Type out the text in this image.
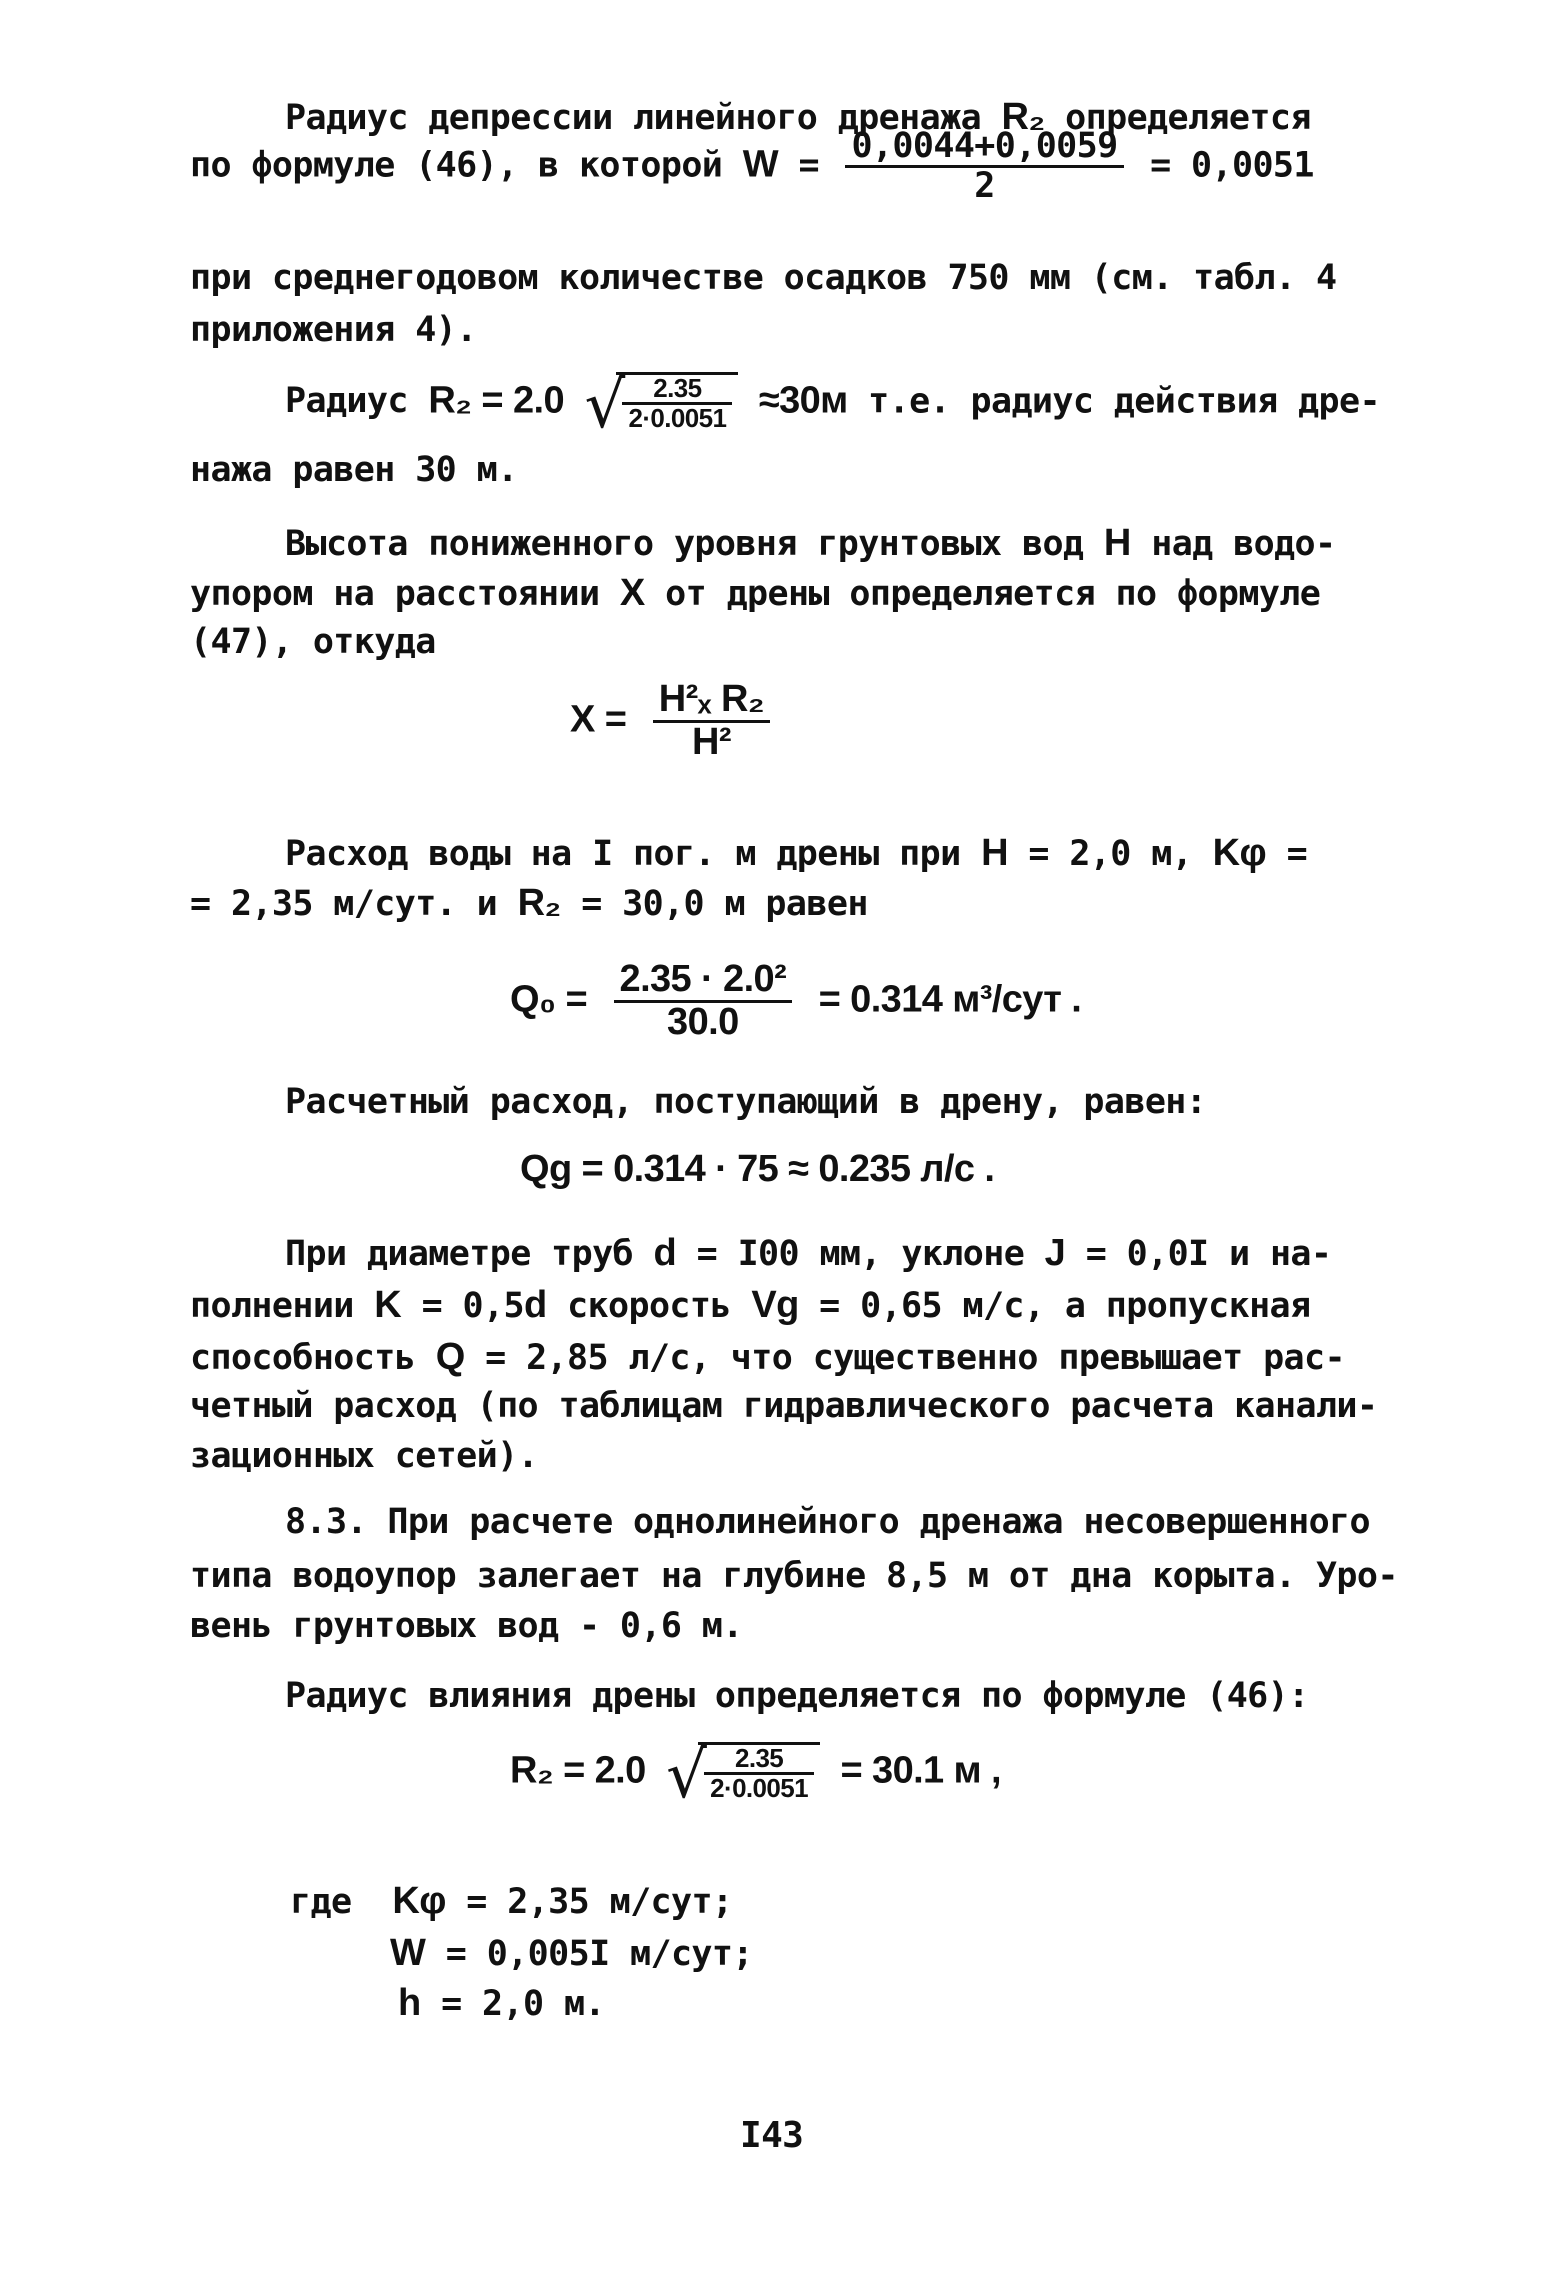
Радиус депрессии линейного дренажа R₂ определяется
по формуле (46), в которой $W = \frac{0,0044+0,0059}{2} = 0,0051$
при среднегодовом количестве осадков 750 мм (см. табл. 4
приложения 4).
Радиус R₂ = 2.0 √
$\frac{2.35}{2\cdot 0.0051} \approx 30м$ т.е. радиус действия дре-
нажа равен 30 м.
Высота пониженного уровня грунтовых вод H над водо-
упором на расстоянии X от дрены определяется по формуле
(47), откуда
$X = \frac{\text{H²ₓ R₂}}{\text{H²}}$
Расход воды на I пог. м дрены при H = 2,0 м, Kφ =
= 2,35 м/сут. и R₂ = 30,0 м равен
$Q_0 = \frac{\text{2.35 · 2.0²}}{30.0} = 0.314$ м³/сут .
Расчетный расход, поступающий в дрену, равен:
Qg = 0.314 · 75 ≈ 0.235 л/с .
При диаметре труб d = I00 мм, уклоне J = 0,0I и на-
полнении K = 0,5d скорость Vg = 0,65 м/с, а пропускная
способность Q = 2,85 л/с, что существенно превышает рас-
четный расход (по таблицам гидравлического расчета канали-
зационных сетей).
8.3. При расчете однолинейного дренажа несовершенного
типа водоупор залегает на глубине 8,5 м от дна корыта. Уро-
вень грунтовых вод - 0,6 м.
Радиус влияния дрены определяется по формуле (46):
R₂ = 2.0 √
$\frac{2.35}{2\cdot 0.0051} = 30.1$ м ,
где Kφ = 2,35 м/сут;
W = 0,005I м/сут;
h = 2,0 м.
I43
